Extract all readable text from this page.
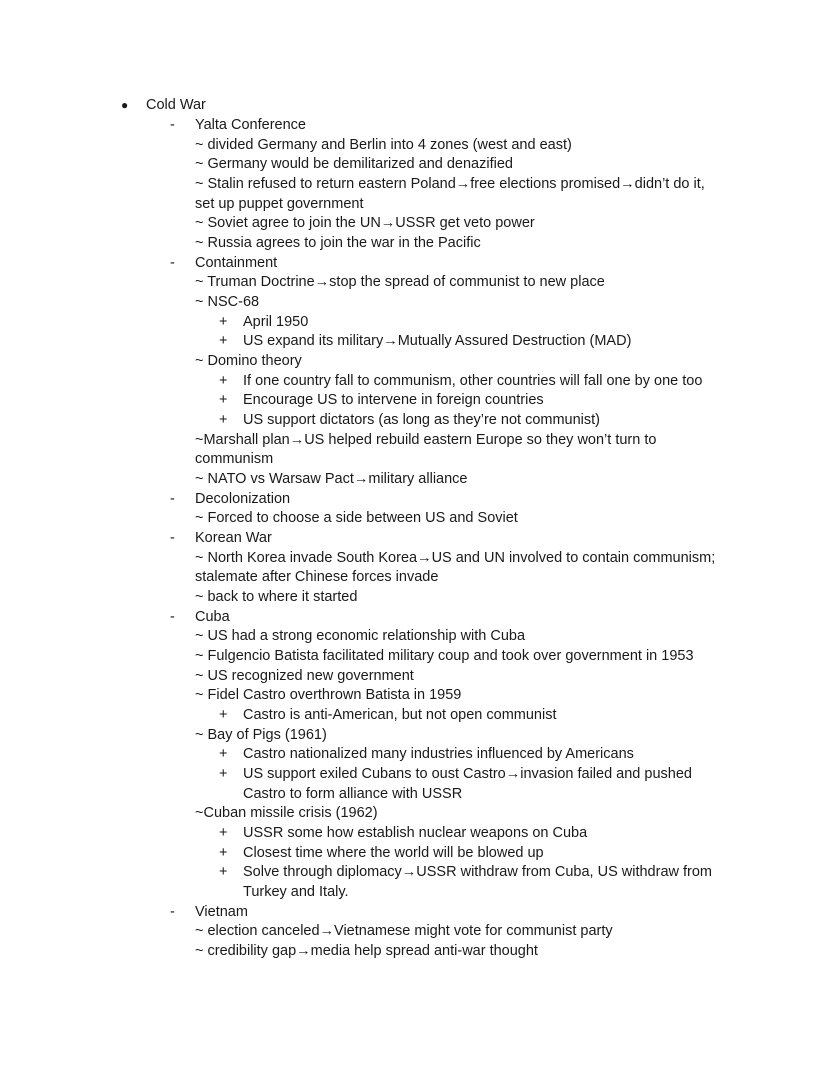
● Cold War
- Yalta Conference
~ divided Germany and Berlin into 4 zones (west and east)
~ Germany would be demilitarized and denazified
~ Stalin refused to return eastern Poland→free elections promised→didn’t do it,
set up puppet government
~ Soviet agree to join the UN→USSR get veto power
~ Russia agrees to join the war in the Pacific
- Containment
~ Truman Doctrine→stop the spread of communist to new place
~ NSC-68
+ April 1950
+ US expand its military→Mutually Assured Destruction (MAD)
~ Domino theory
+ If one country fall to communism, other countries will fall one by one too
+ Encourage US to intervene in foreign countries
+ US support dictators (as long as they’re not communist)
~Marshall plan→US helped rebuild eastern Europe so they won’t turn to
communism
~ NATO vs Warsaw Pact→military alliance
- Decolonization
~ Forced to choose a side between US and Soviet
- Korean War
~ North Korea invade South Korea→US and UN involved to contain communism;
stalemate after Chinese forces invade
~ back to where it started
- Cuba
~ US had a strong economic relationship with Cuba
~ Fulgencio Batista facilitated military coup and took over government in 1953
~ US recognized new government
~ Fidel Castro overthrown Batista in 1959
+ Castro is anti-American, but not open communist
~ Bay of Pigs (1961)
+ Castro nationalized many industries influenced by Americans
+ US support exiled Cubans to oust Castro→invasion failed and pushed
Castro to form alliance with USSR
~Cuban missile crisis (1962)
+ USSR some how establish nuclear weapons on Cuba
+ Closest time where the world will be blowed up
+ Solve through diplomacy→USSR withdraw from Cuba, US withdraw from
Turkey and Italy.
- Vietnam
~ election canceled→Vietnamese might vote for communist party
~ credibility gap→media help spread anti-war thought
